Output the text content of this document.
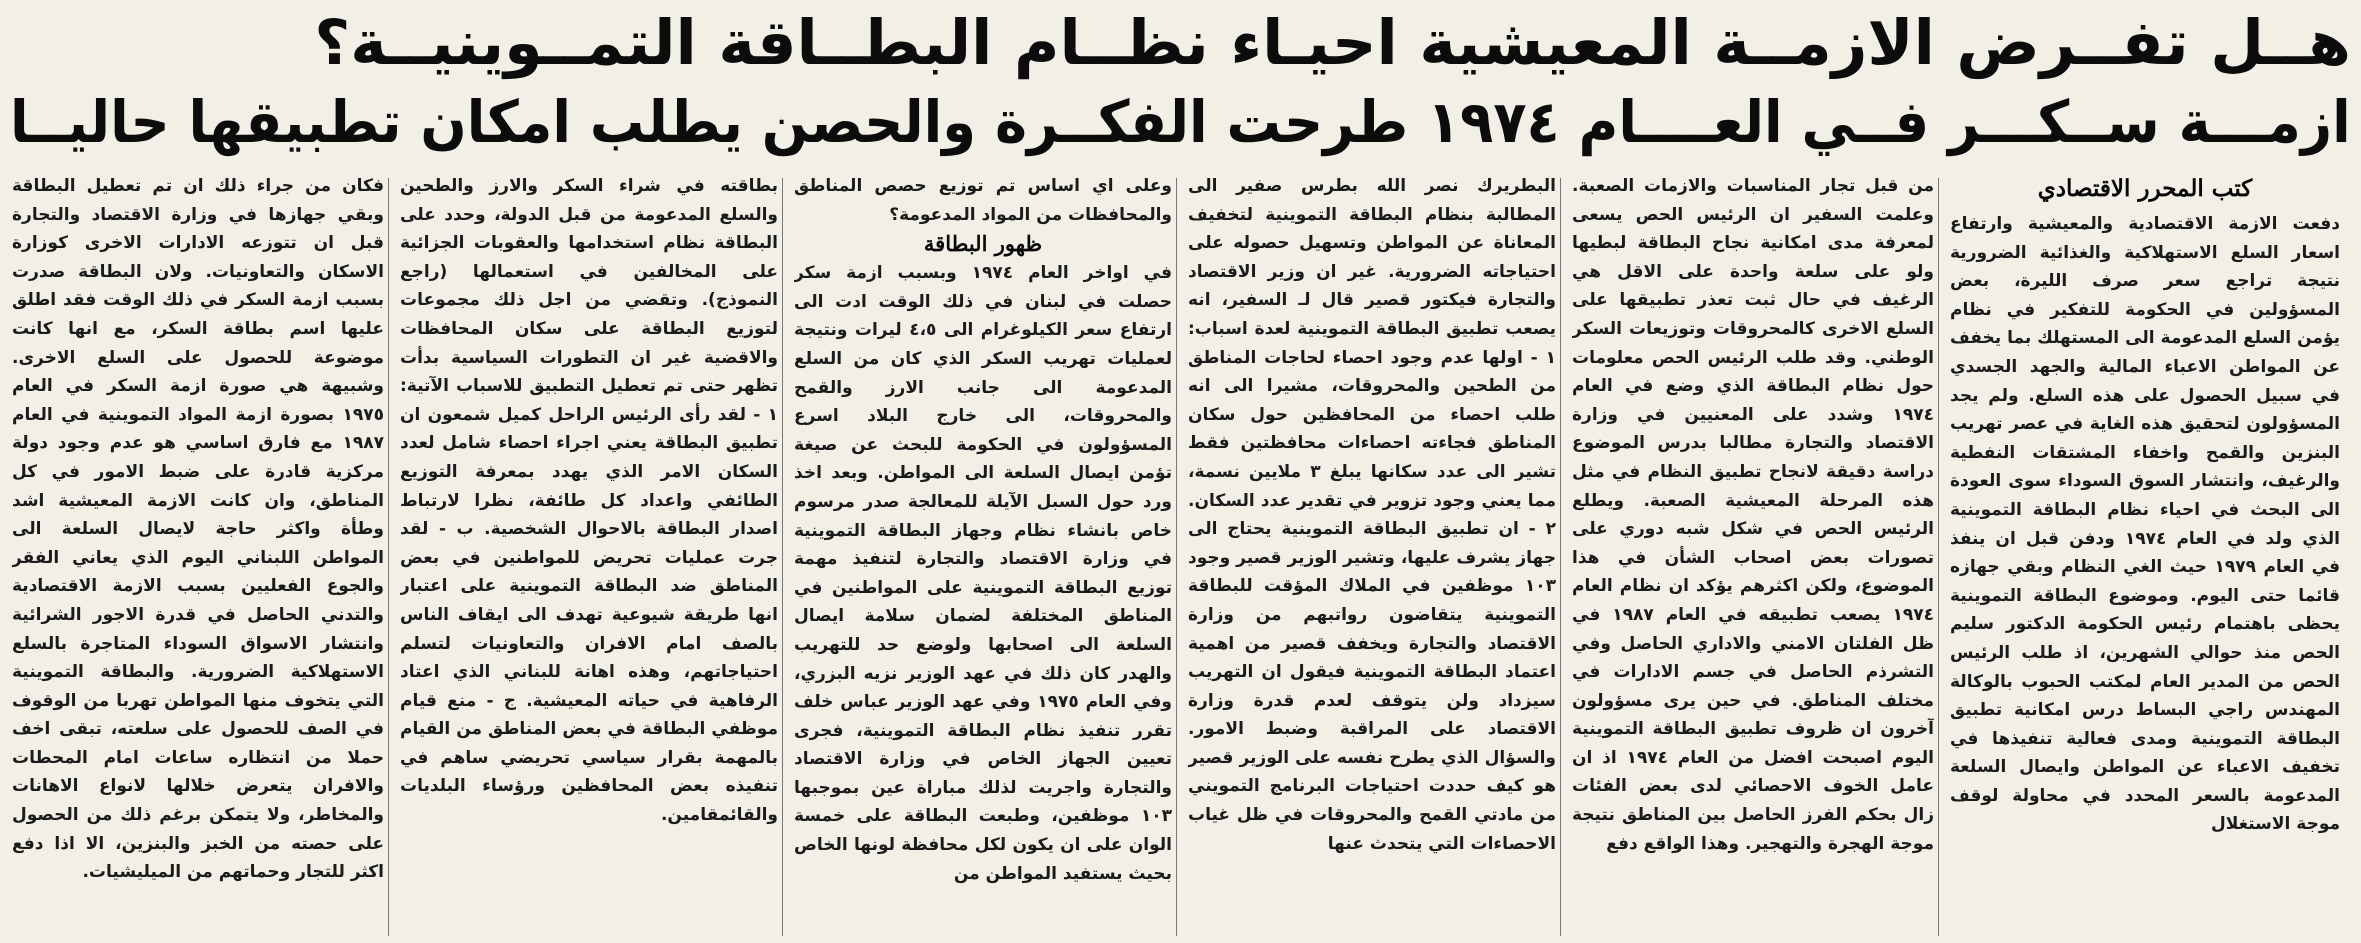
هــل تفــرض الازمــة المعيشية احيـاء نظــام البطــاقة التمــوينيــة؟
ازمـــة ســكـــر فــي العــــام ١٩٧٤ طرحت الفكــرة والحصن يطلب امكان تطبيقها حاليــا
كتب المحرر الاقتصادي

دفعت الازمة الاقتصادية والمعيشية وارتفاع اسعار السلع الاستهلاكية والغذائية الضرورية نتيجة تراجع سعر صرف الليرة، بعض المسؤولين في الحكومة للتفكير في نظام يؤمن السلع المدعومة الى المستهلك بما يخفف عن المواطن الاعباء المالية والجهد الجسدي في سبيل الحصول على هذه السلع. ولم يجد المسؤولون لتحقيق هذه الغاية في عصر تهريب البنزين والقمح واخفاء المشتقات النفطية والرغيف، وانتشار السوق السوداء سوى العودة الى البحث في احياء نظام البطاقة التموينية الذي ولد في العام ١٩٧٤ ودفن قبل ان ينفذ في العام ١٩٧٩ حيث الغي النظام وبقي جهازه قائما حتى اليوم. وموضوع البطاقة التموينية يحظى باهتمام رئيس الحكومة الدكتور سليم الحص منذ حوالي الشهرين، اذ طلب الرئيس الحص من المدير العام لمكتب الحبوب بالوكالة المهندس راجي البساط درس امكانية تطبيق البطاقة التموينية ومدى فعالية تنفيذها في تخفيف الاعباء عن المواطن وايصال السلعة المدعومة بالسعر المحدد في محاولة لوقف موجة الاستغلال

من قبل تجار المناسبات والازمات الصعبة. وعلمت السفير ان الرئيس الحص يسعى لمعرفة مدى امكانية نجاح البطاقة لبطيها ولو على سلعة واحدة على الاقل هي الرغيف في حال ثبت تعذر تطبيقها على السلع الاخرى كالمحروقات وتوزيعات السكر الوطني. وقد طلب الرئيس الحص معلومات حول نظام البطاقة الذي وضع في العام ١٩٧٤ وشدد على المعنيين في وزارة الاقتصاد والتجارة مطالبا بدرس الموضوع دراسة دقيقة لانجاح تطبيق النظام في مثل هذه المرحلة المعيشية الصعبة. ويطلع الرئيس الحص في شكل شبه دوري على تصورات بعض اصحاب الشأن في هذا الموضوع، ولكن اكثرهم يؤكد ان نظام العام ١٩٧٤ يصعب تطبيقه في العام ١٩٨٧ في ظل الفلتان الامني والاداري الحاصل وفي التشرذم الحاصل في جسم الادارات في مختلف المناطق. في حين يرى مسؤولون آخرون ان ظروف تطبيق البطاقة التموينية اليوم اصبحت افضل من العام ١٩٧٤ اذ ان عامل الخوف الاحصائي لدى بعض الفئات زال بحكم الفرز الحاصل بين المناطق نتيجة موجة الهجرة والتهجير. وهذا الواقع دفع

البطريرك نصر الله بطرس صفير الى المطالبة بنظام البطاقة التموينية لتخفيف المعاناة عن المواطن وتسهيل حصوله على احتياجاته الضرورية. غير ان وزير الاقتصاد والتجارة فيكتور قصير قال لـ السفير، انه يصعب تطبيق البطاقة التموينية لعدة اسباب: ١ - اولها عدم وجود احصاء لحاجات المناطق من الطحين والمحروقات، مشيرا الى انه طلب احصاء من المحافظين حول سكان المناطق فجاءته احصاءات محافظتين فقط تشير الى عدد سكانها يبلغ ٣ ملايين نسمة، مما يعني وجود تزوير في تقدير عدد السكان. ٢ - ان تطبيق البطاقة التموينية يحتاج الى جهاز يشرف عليها، وتشير الوزير قصير وجود ١٠٣ موظفين في الملاك المؤقت للبطاقة التموينية يتقاضون رواتبهم من وزارة الاقتصاد والتجارة ويخفف قصير من اهمية اعتماد البطاقة التموينية فيقول ان التهريب سيزداد ولن يتوقف لعدم قدرة وزارة الاقتصاد على المراقبة وضبط الامور. والسؤال الذي يطرح نفسه على الوزير قصير هو كيف حددت احتياجات البرنامج التمويني من مادتي القمح والمحروقات في ظل غياب الاحصاءات التي يتحدث عنها

وعلى اي اساس تم توزيع حصص المناطق والمحافظات من المواد المدعومة؟

ظهور البطاقة

في اواخر العام ١٩٧٤ وبسبب ازمة سكر حصلت في لبنان في ذلك الوقت ادت الى ارتفاع سعر الكيلوغرام الى ٤،٥ ليرات ونتيجة لعمليات تهريب السكر الذي كان من السلع المدعومة الى جانب الارز والقمح والمحروقات، الى خارج البلاد اسرع المسؤولون في الحكومة للبحث عن صيغة تؤمن ايصال السلعة الى المواطن. وبعد اخذ ورد حول السبل الآيلة للمعالجة صدر مرسوم خاص بانشاء نظام وجهاز البطاقة التموينية في وزارة الاقتصاد والتجارة لتنفيذ مهمة توزيع البطاقة التموينية على المواطنين في المناطق المختلفة لضمان سلامة ايصال السلعة الى اصحابها ولوضع حد للتهريب والهدر كان ذلك في عهد الوزير نزيه البزري، وفي العام ١٩٧٥ وفي عهد الوزير عباس خلف تقرر تنفيذ نظام البطاقة التموينية، فجرى تعيين الجهاز الخاص في وزارة الاقتصاد والتجارة واجريت لذلك مباراة عين بموجبها ١٠٣ موظفين، وطبعت البطاقة على خمسة الوان على ان يكون لكل محافظة لونها الخاص بحيث يستفيد المواطن من

بطاقته في شراء السكر والارز والطحين والسلع المدعومة من قبل الدولة، وحدد على البطاقة نظام استخدامها والعقوبات الجزائية على المخالفين في استعمالها (راجع النموذج). وتقضي من اجل ذلك مجموعات لتوزيع البطاقة على سكان المحافظات والاقضية غير ان التطورات السياسية بدأت تظهر حتى تم تعطيل التطبيق للاسباب الآتية: ١ - لقد رأى الرئيس الراحل كميل شمعون ان تطبيق البطاقة يعني اجراء احصاء شامل لعدد السكان الامر الذي يهدد بمعرفة التوزيع الطائفي واعداد كل طائفة، نظرا لارتباط اصدار البطاقة بالاحوال الشخصية. ب - لقد جرت عمليات تحريض للمواطنين في بعض المناطق ضد البطاقة التموينية على اعتبار انها طريقة شيوعية تهدف الى ايقاف الناس بالصف امام الافران والتعاونيات لتسلم احتياجاتهم، وهذه اهانة للبناني الذي اعتاد الرفاهية في حياته المعيشية. ج - منع قيام موظفي البطاقة في بعض المناطق من القيام بالمهمة بقرار سياسي تحريضي ساهم في تنفيذه بعض المحافظين ورؤساء البلديات والقائمقامين.

فكان من جراء ذلك ان تم تعطيل البطاقة وبقي جهازها في وزارة الاقتصاد والتجارة قبل ان تتوزعه الادارات الاخرى كوزارة الاسكان والتعاونيات. ولان البطاقة صدرت بسبب ازمة السكر في ذلك الوقت فقد اطلق عليها اسم بطاقة السكر، مع انها كانت موضوعة للحصول على السلع الاخرى. وشبيهة هي صورة ازمة السكر في العام ١٩٧٥ بصورة ازمة المواد التموينية في العام ١٩٨٧ مع فارق اساسي هو عدم وجود دولة مركزية قادرة على ضبط الامور في كل المناطق، وان كانت الازمة المعيشية اشد وطأة واكثر حاجة لايصال السلعة الى المواطن اللبناني اليوم الذي يعاني الفقر والجوع الفعليين بسبب الازمة الاقتصادية والتدني الحاصل في قدرة الاجور الشرائية وانتشار الاسواق السوداء المتاجرة بالسلع الاستهلاكية الضرورية. والبطاقة التموينية التي يتخوف منها المواطن تهربا من الوقوف في الصف للحصول على سلعته، تبقى اخف حملا من انتظاره ساعات امام المحطات والافران يتعرض خلالها لانواع الاهانات والمخاطر، ولا يتمكن برغم ذلك من الحصول على حصته من الخبز والبنزين، الا اذا دفع اكثر للتجار وحماتهم من الميليشيات.
